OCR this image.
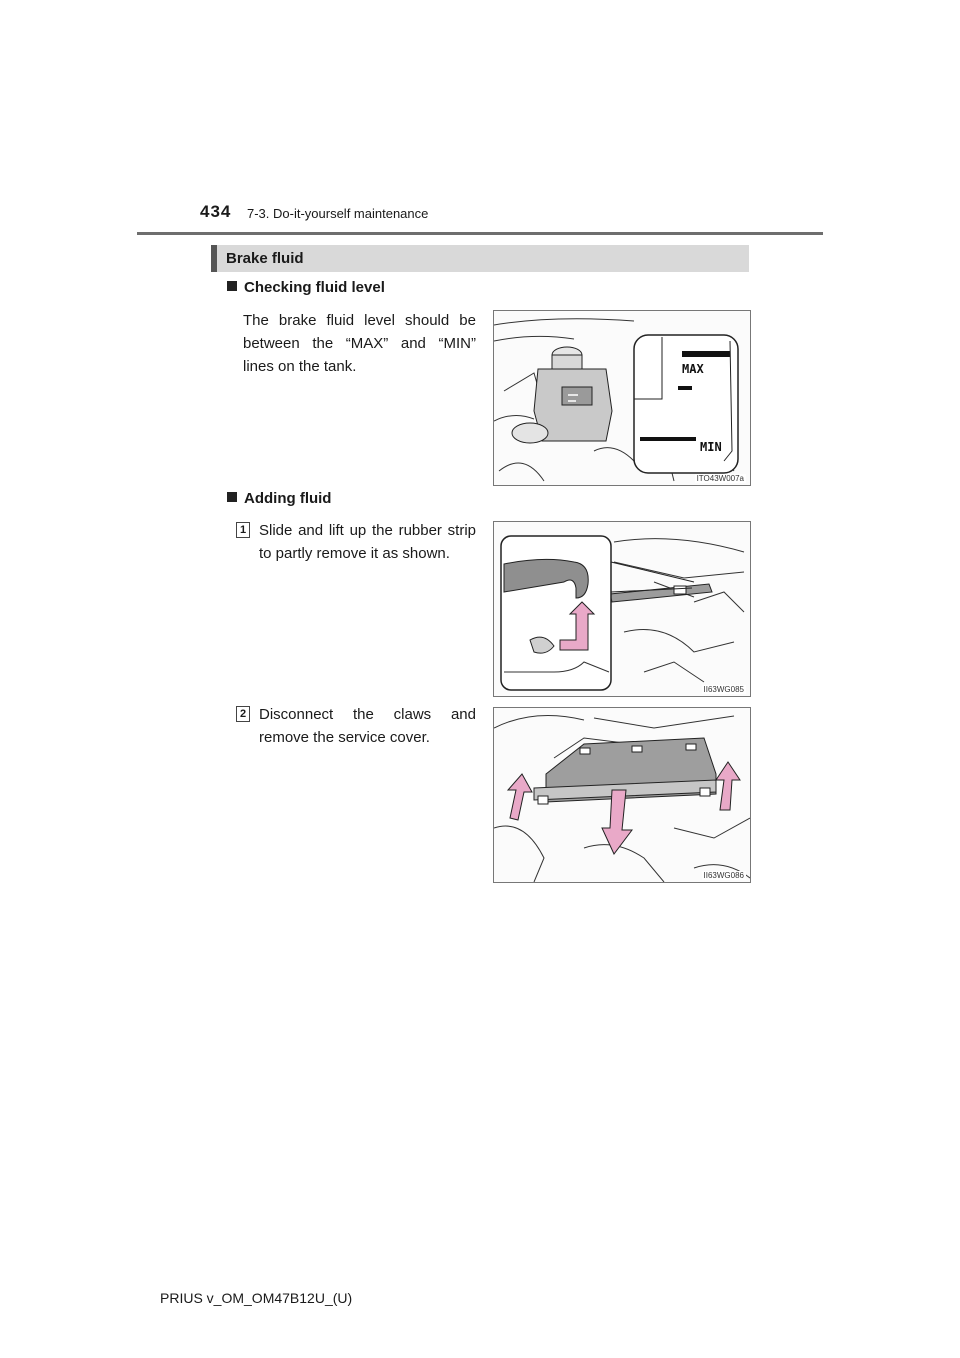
434 7-3. Do-it-yourself maintenance
Brake fluid
Checking fluid level
The brake fluid level should be between the “MAX” and “MIN” lines on the tank.	MAX
MIN
ITO43W007a
Adding fluid
1 Slide and lift up the rubber strip to partly remove it as shown.
II63WG085
2 Disconnect the claws and remove the service cover.
II63WG086
PRIUS v_OM_OM47B12U_(U)
